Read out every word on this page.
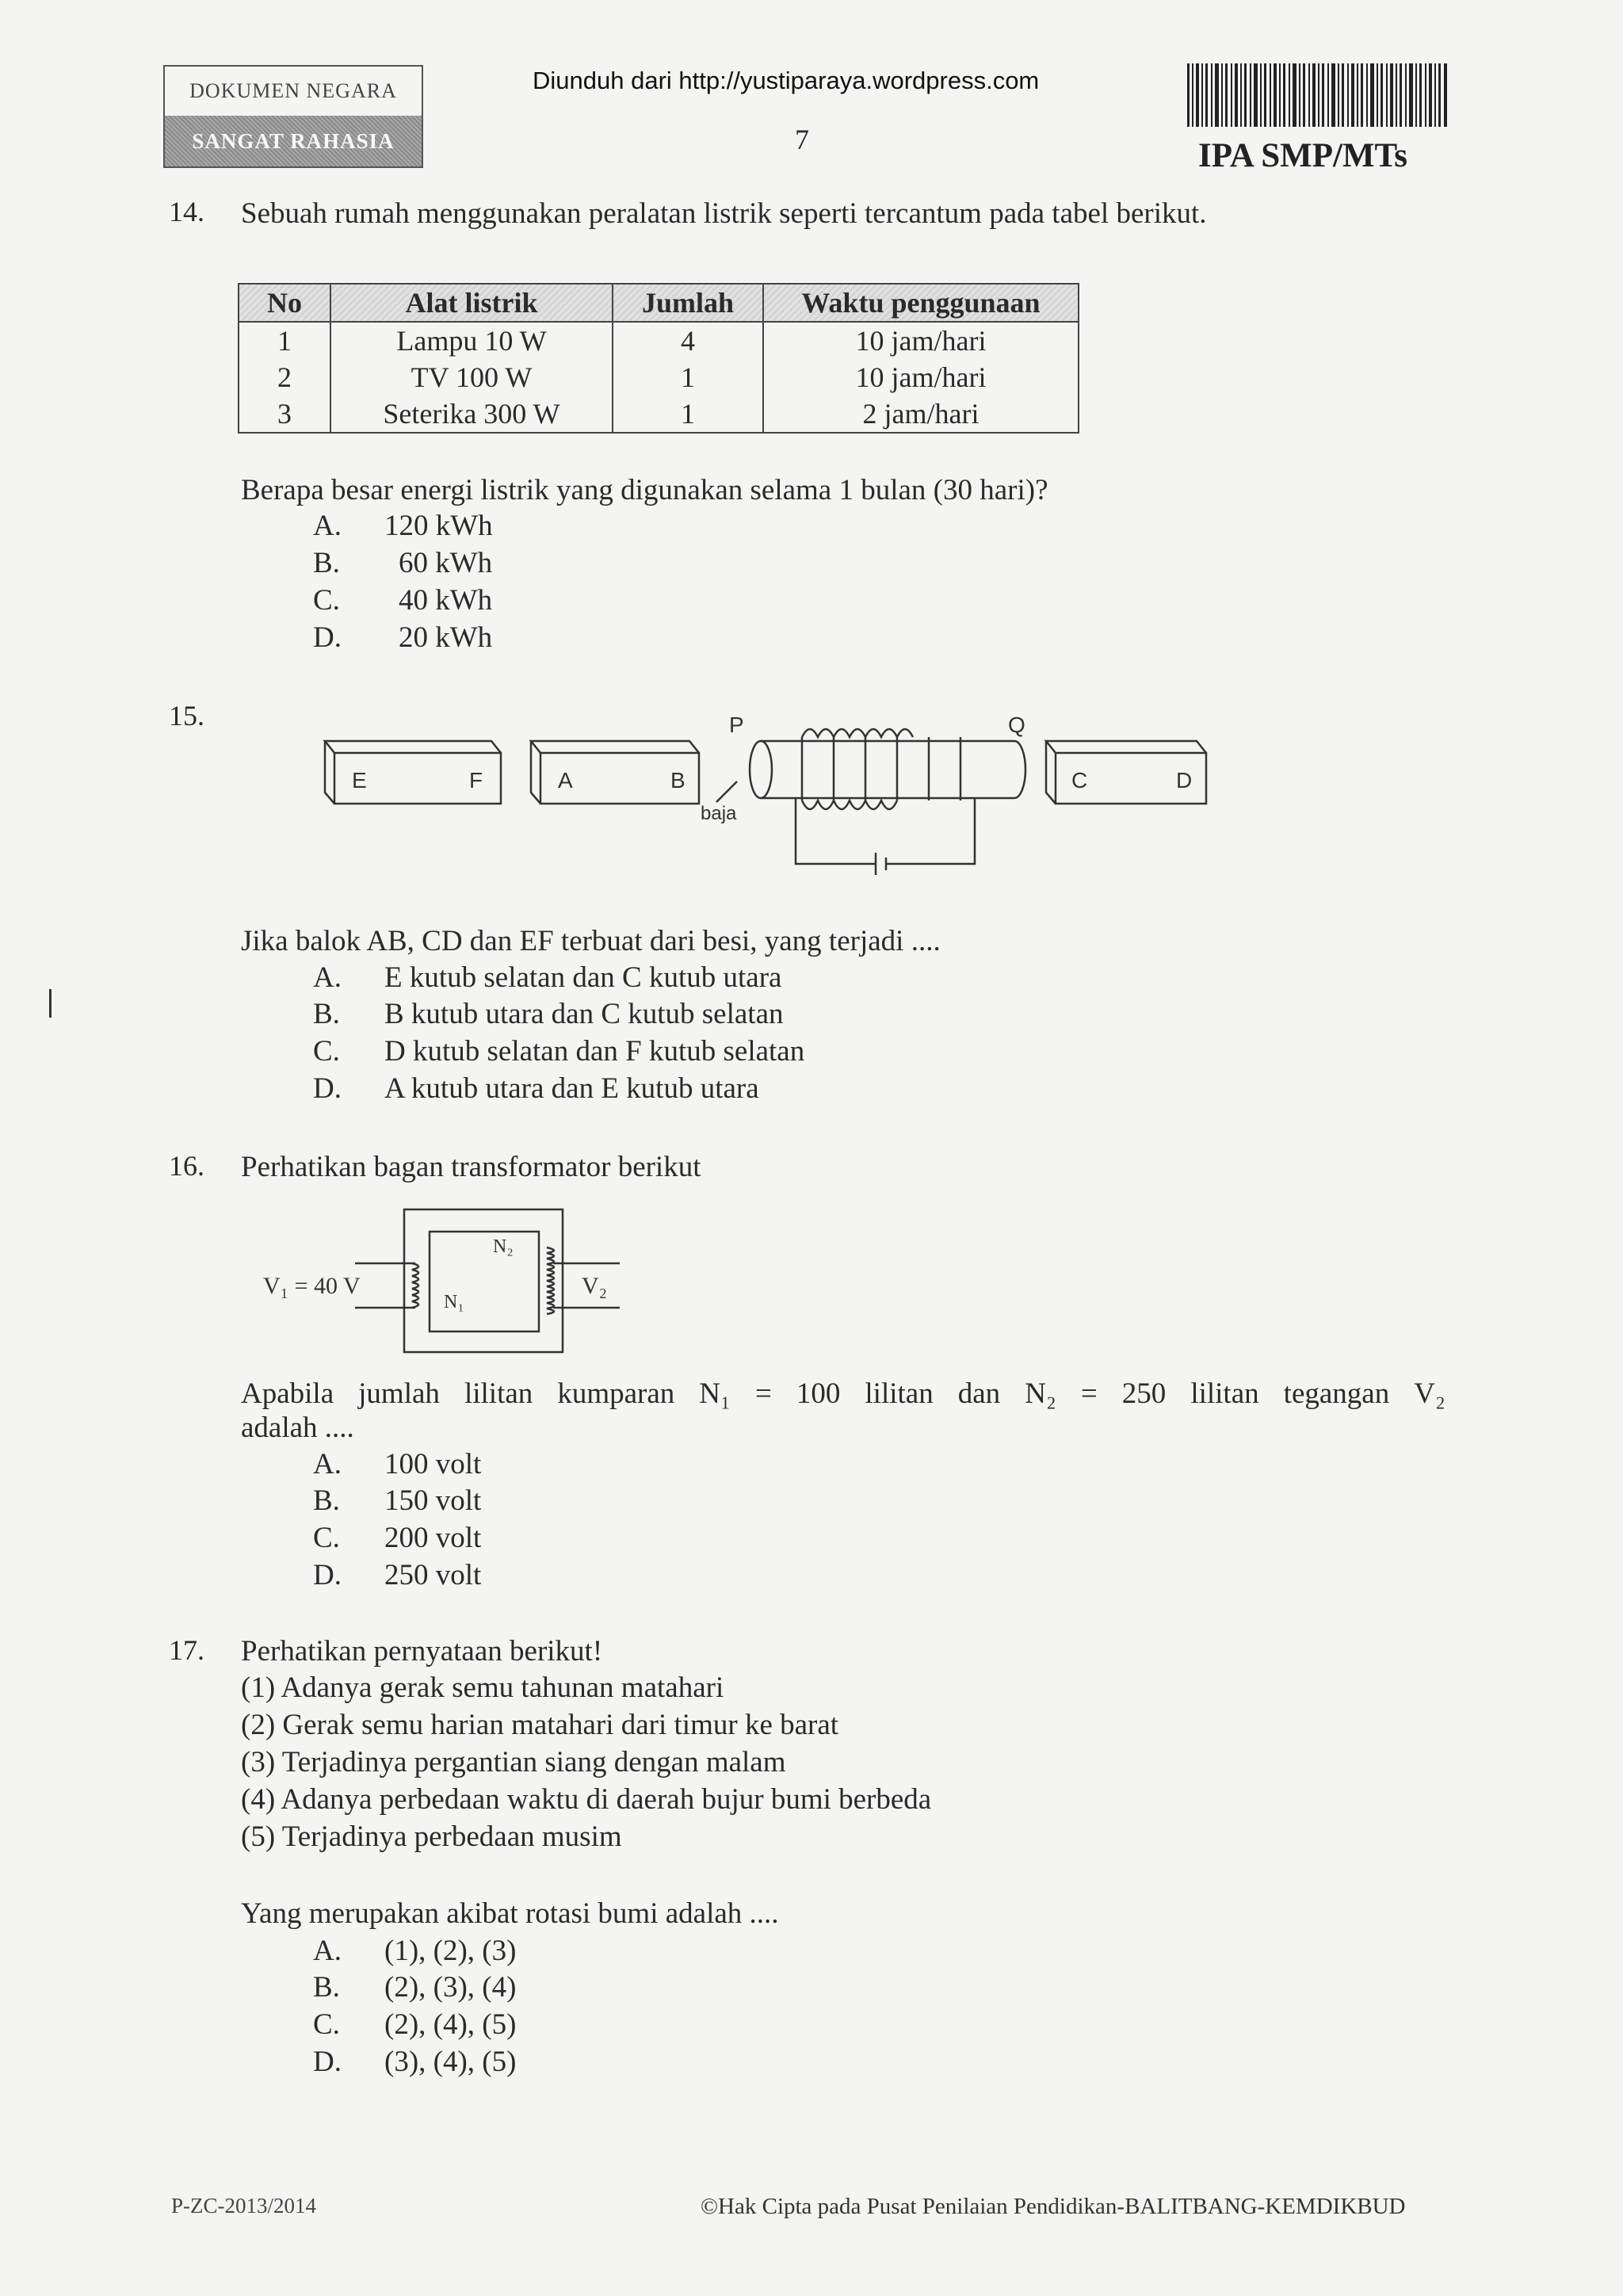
DOKUMEN NEGARA
SANGAT RAHASIA
Diunduh dari http://yustiparaya.wordpress.com
7	IPA SMP/MTs
14. Sebuah rumah menggunakan peralatan listrik seperti tercantum pada tabel berikut.
No	Alat listrik	Jumlah	Waktu penggunaan
1	Lampu 10 W	4	10 jam/hari
2	TV 100 W	1	10 jam/hari
3	Seterika 300 W	1	2 jam/hari
Berapa besar energi listrik yang digunakan selama 1 bulan (30 hari)?
A. 120 kWh
B. 60 kWh
C. 40 kWh
D. 20 kWh
15.
E	F	A	B	C	D
P	Q
baja
Jika balok AB, CD dan EF terbuat dari besi, yang terjadi ....
A. E kutub selatan dan C kutub utara
B. B kutub utara dan C kutub selatan
C. D kutub selatan dan F kutub selatan
D. A kutub utara dan E kutub utara
16. Perhatikan bagan transformator berikut
V₁ = 40 V	V₂
N₁
N₂
Apabila jumlah lilitan kumparan N₁ = 100 lilitan dan N₂ = 250 lilitan tegangan V₂
adalah ....
A. 100 volt
B. 150 volt
C. 200 volt
D. 250 volt
17. Perhatikan pernyataan berikut!
(1) Adanya gerak semu tahunan matahari
(2) Gerak semu harian matahari dari timur ke barat
(3) Terjadinya pergantian siang dengan malam
(4) Adanya perbedaan waktu di daerah bujur bumi berbeda
(5) Terjadinya perbedaan musim
Yang merupakan akibat rotasi bumi adalah ....
A. (1), (2), (3)
B. (2), (3), (4)
C. (2), (4), (5)
D. (3), (4), (5)
P-ZC-2013/2014	©Hak Cipta pada Pusat Penilaian Pendidikan-BALITBANG-KEMDIKBUD
